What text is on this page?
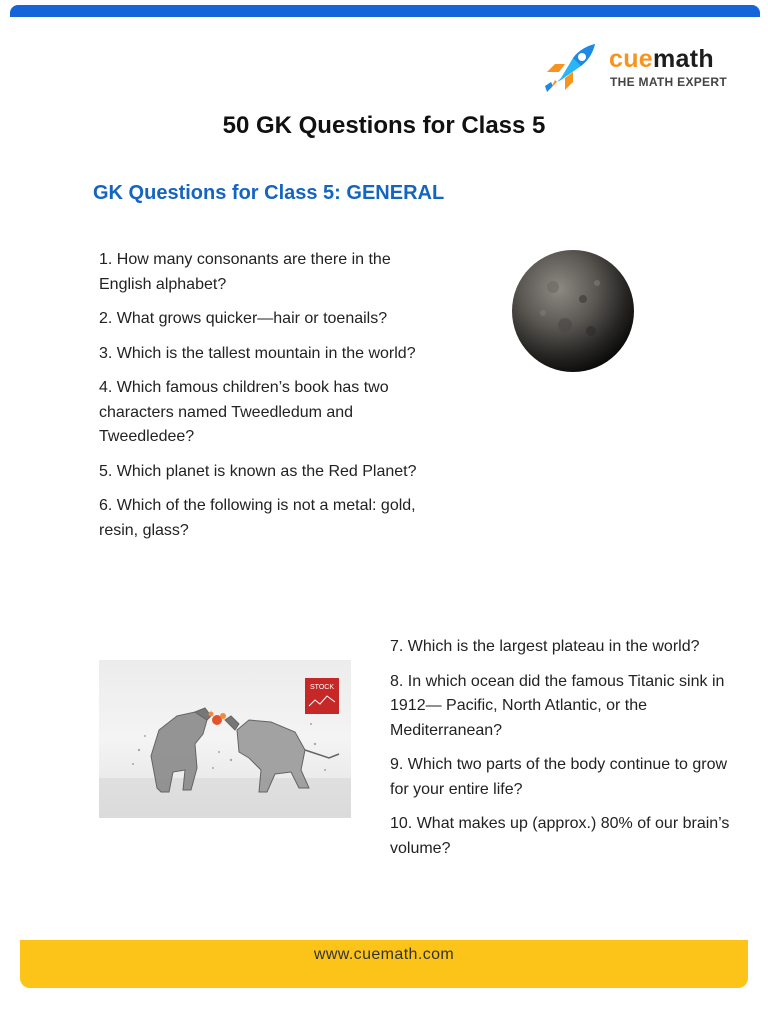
cuemath
THE MATH EXPERT
50 GK Questions for Class 5
GK Questions for Class 5: GENERAL
1. How many consonants are there in the English alphabet?
2. What grows quicker—hair or toenails?
3. Which is the tallest mountain in the world?
4. Which famous children’s book has two characters named Tweedledum and Tweedledee?
5. Which planet is known as the Red Planet?
6. Which of the following is not a metal: gold, resin, glass?
STOCK
7. Which is the largest plateau in the world?
8. In which ocean did the famous Titanic sink in 1912— Pacific, North Atlantic, or the Mediterranean?
9. Which two parts of the body continue to grow for your entire life?
10. What makes up (approx.) 80% of our brain’s volume?
www.cuemath.com
